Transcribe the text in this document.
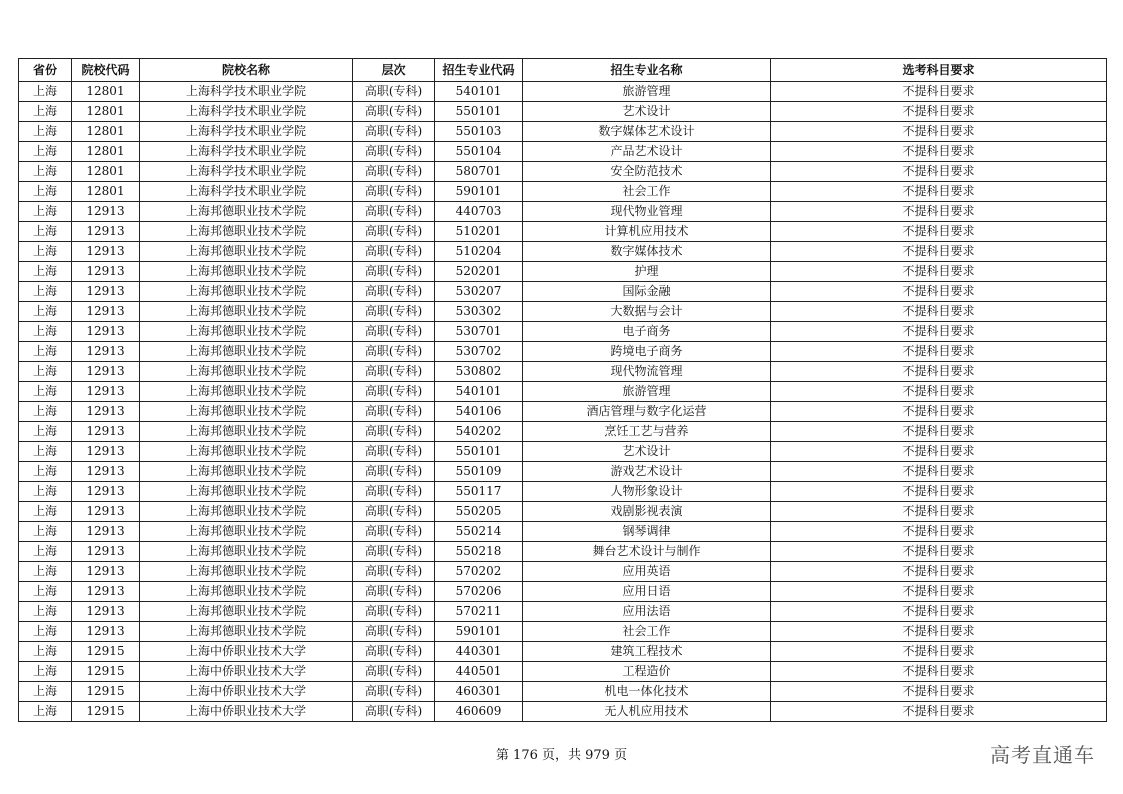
省份	院校代码	院校名称	层次	招生专业代码	招生专业名称	选考科目要求
上海	12801	上海科学技术职业学院	高职(专科)	540101	旅游管理	不提科目要求
上海	12801	上海科学技术职业学院	高职(专科)	550101	艺术设计	不提科目要求
上海	12801	上海科学技术职业学院	高职(专科)	550103	数字媒体艺术设计	不提科目要求
上海	12801	上海科学技术职业学院	高职(专科)	550104	产品艺术设计	不提科目要求
上海	12801	上海科学技术职业学院	高职(专科)	580701	安全防范技术	不提科目要求
上海	12801	上海科学技术职业学院	高职(专科)	590101	社会工作	不提科目要求
上海	12913	上海邦德职业技术学院	高职(专科)	440703	现代物业管理	不提科目要求
上海	12913	上海邦德职业技术学院	高职(专科)	510201	计算机应用技术	不提科目要求
上海	12913	上海邦德职业技术学院	高职(专科)	510204	数字媒体技术	不提科目要求
上海	12913	上海邦德职业技术学院	高职(专科)	520201	护理	不提科目要求
上海	12913	上海邦德职业技术学院	高职(专科)	530207	国际金融	不提科目要求
上海	12913	上海邦德职业技术学院	高职(专科)	530302	大数据与会计	不提科目要求
上海	12913	上海邦德职业技术学院	高职(专科)	530701	电子商务	不提科目要求
上海	12913	上海邦德职业技术学院	高职(专科)	530702	跨境电子商务	不提科目要求
上海	12913	上海邦德职业技术学院	高职(专科)	530802	现代物流管理	不提科目要求
上海	12913	上海邦德职业技术学院	高职(专科)	540101	旅游管理	不提科目要求
上海	12913	上海邦德职业技术学院	高职(专科)	540106	酒店管理与数字化运营	不提科目要求
上海	12913	上海邦德职业技术学院	高职(专科)	540202	烹饪工艺与营养	不提科目要求
上海	12913	上海邦德职业技术学院	高职(专科)	550101	艺术设计	不提科目要求
上海	12913	上海邦德职业技术学院	高职(专科)	550109	游戏艺术设计	不提科目要求
上海	12913	上海邦德职业技术学院	高职(专科)	550117	人物形象设计	不提科目要求
上海	12913	上海邦德职业技术学院	高职(专科)	550205	戏剧影视表演	不提科目要求
上海	12913	上海邦德职业技术学院	高职(专科)	550214	钢琴调律	不提科目要求
上海	12913	上海邦德职业技术学院	高职(专科)	550218	舞台艺术设计与制作	不提科目要求
上海	12913	上海邦德职业技术学院	高职(专科)	570202	应用英语	不提科目要求
上海	12913	上海邦德职业技术学院	高职(专科)	570206	应用日语	不提科目要求
上海	12913	上海邦德职业技术学院	高职(专科)	570211	应用法语	不提科目要求
上海	12913	上海邦德职业技术学院	高职(专科)	590101	社会工作	不提科目要求
上海	12915	上海中侨职业技术大学	高职(专科)	440301	建筑工程技术	不提科目要求
上海	12915	上海中侨职业技术大学	高职(专科)	440501	工程造价	不提科目要求
上海	12915	上海中侨职业技术大学	高职(专科)	460301	机电一体化技术	不提科目要求
上海	12915	上海中侨职业技术大学	高职(专科)	460609	无人机应用技术	不提科目要求
第 176 页，共 979 页	高考直通车
